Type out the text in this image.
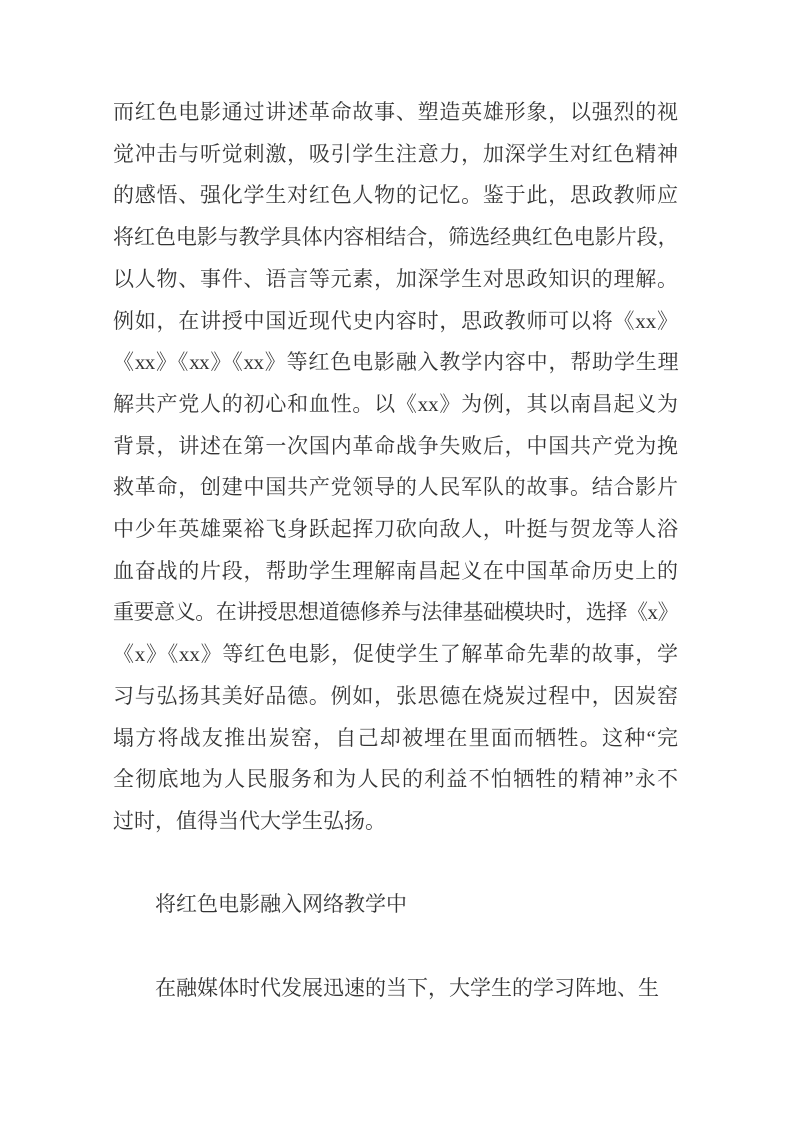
而红色电影通过讲述革命故事、塑造英雄形象，以强烈的视
觉冲击与听觉刺激，吸引学生注意力，加深学生对红色精神
的感悟、强化学生对红色人物的记忆。鉴于此，思政教师应
将红色电影与教学具体内容相结合，筛选经典红色电影片段，
以人物、事件、语言等元素，加深学生对思政知识的理解。
例如，在讲授中国近现代史内容时，思政教师可以将《xx》
《xx》《xx》《xx》等红色电影融入教学内容中，帮助学生理
解共产党人的初心和血性。以《xx》为例，其以南昌起义为
背景，讲述在第一次国内革命战争失败后，中国共产党为挽
救革命，创建中国共产党领导的人民军队的故事。结合影片
中少年英雄粟裕飞身跃起挥刀砍向敌人，叶挺与贺龙等人浴
血奋战的片段，帮助学生理解南昌起义在中国革命历史上的
重要意义。在讲授思想道德修养与法律基础模块时，选择《x》
《x》《xx》等红色电影，促使学生了解革命先辈的故事，学
习与弘扬其美好品德。例如，张思德在烧炭过程中，因炭窑
塌方将战友推出炭窑，自己却被埋在里面而牺牲。这种“完
全彻底地为人民服务和为人民的利益不怕牺牲的精神”永不
过时，值得当代大学生弘扬。
将红色电影融入网络教学中
在融媒体时代发展迅速的当下，大学生的学习阵地、生
